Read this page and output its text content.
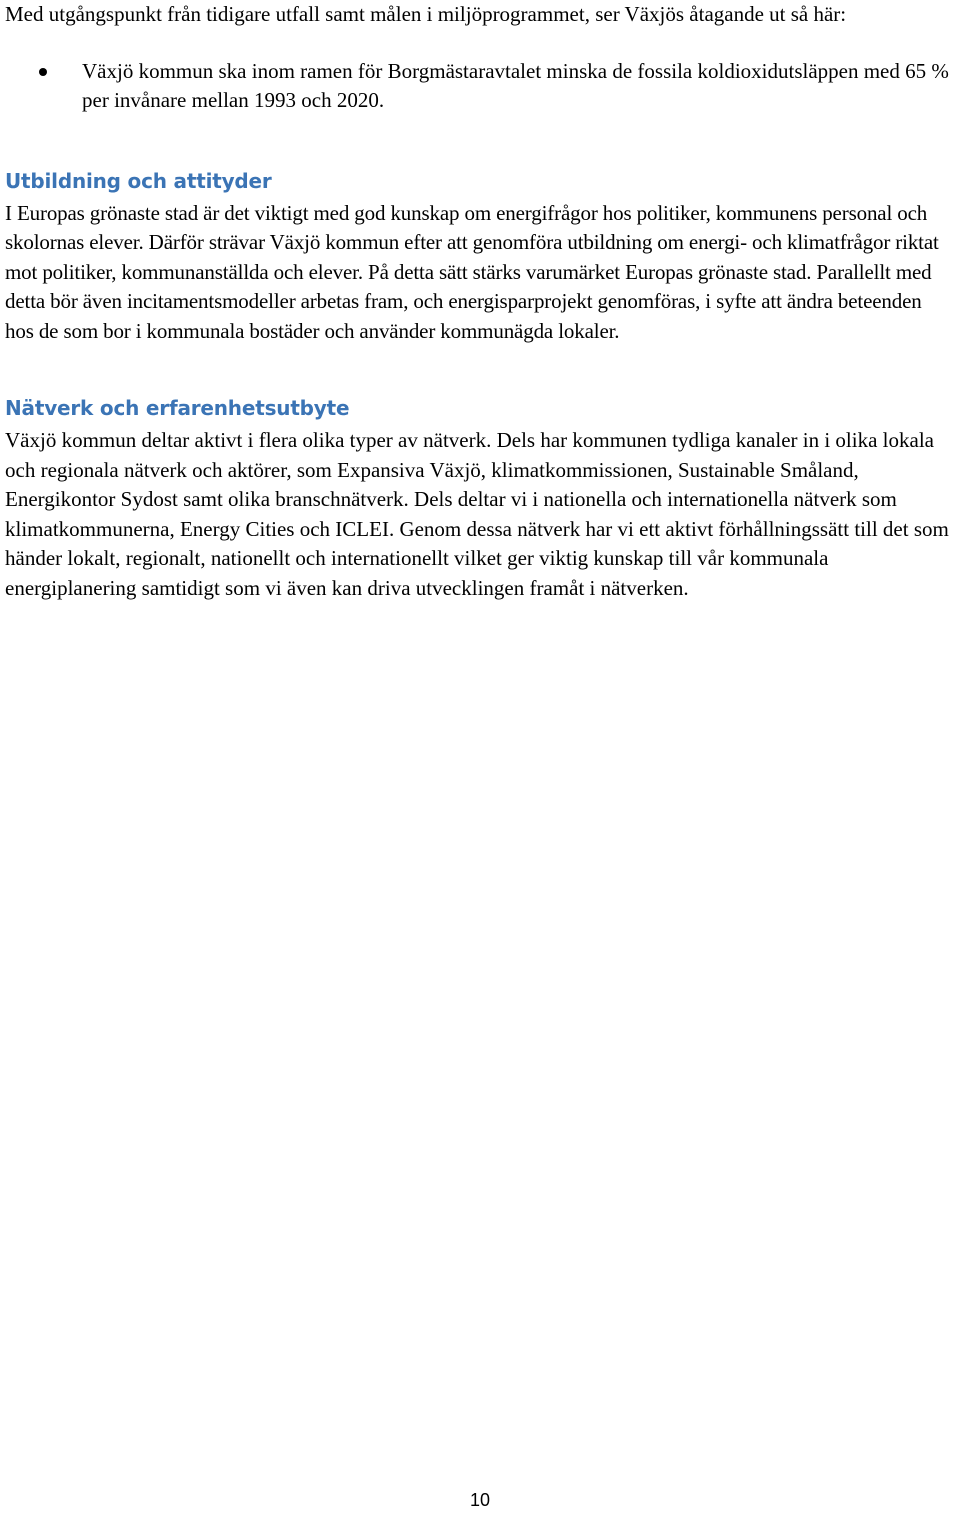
Med utgångspunkt från tidigare utfall samt målen i miljöprogrammet, ser Växjös åtagande ut så här:

Växjö kommun ska inom ramen för Borgmästaravtalet minska de fossila koldioxidutsläppen med 65 % per invånare mellan 1993 och 2020.
Utbildning och attityder

I Europas grönaste stad är det viktigt med god kunskap om energifrågor hos politiker, kommunens personal och skolornas elever. Därför strävar Växjö kommun efter att genomföra utbildning om energi- och klimatfrågor riktat mot politiker, kommunanställda och elever. På detta sätt stärks varumärket Europas grönaste stad. Parallellt med detta bör även incitamentsmodeller arbetas fram, och energisparprojekt genomföras, i syfte att ändra beteenden hos de som bor i kommunala bostäder och använder kommunägda lokaler.

Nätverk och erfarenhetsutbyte

Växjö kommun deltar aktivt i flera olika typer av nätverk. Dels har kommunen tydliga kanaler in i olika lokala och regionala nätverk och aktörer, som Expansiva Växjö, klimatkommissionen, Sustainable Småland, Energikontor Sydost samt olika branschnätverk. Dels deltar vi i nationella och internationella nätverk som klimatkommunerna, Energy Cities och ICLEI. Genom dessa nätverk har vi ett aktivt förhållningssätt till det som händer lokalt, regionalt, nationellt och internationellt vilket ger viktig kunskap till vår kommunala energiplanering samtidigt som vi även kan driva utvecklingen framåt i nätverken.

10
